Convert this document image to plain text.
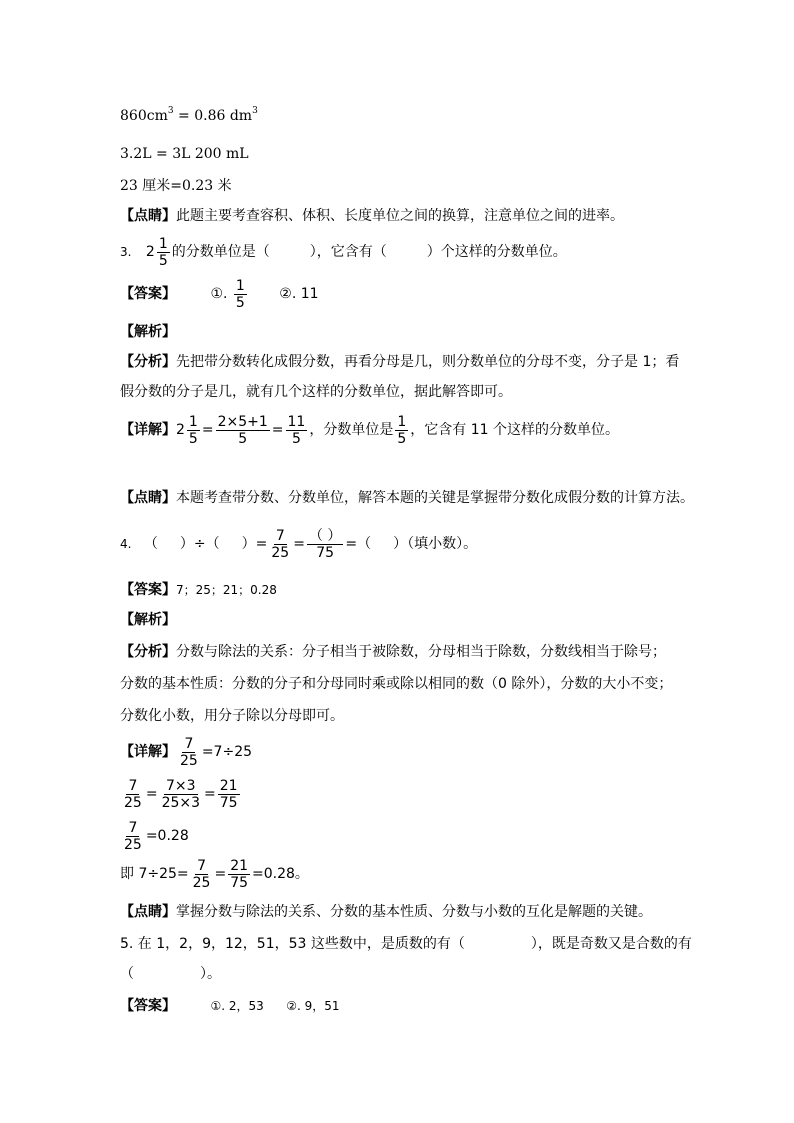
$860cm^3 = 0.86$ $dm^3$
3.2L = 3L 200 mL
23 厘米=0.23 米
【点睛】此题主要考查容积、体积、长度单位之间的换算，注意单位之间的进率。
3. $2 \frac{1}{5}$ 的分数单位是（	），它含有（	）个这样的分数单位。
【答案】 ①. $\frac{1}{5}$ ②. 11
【解析】
【分析】先把带分数转化成假分数，再看分母是几，则分数单位的分母不变，分子是 1；看
假分数的分子是几，就有几个这样的分数单位，据此解答即可。
【详解】$2 \frac{1}{5} = \frac{2\times 5+1}{5} = \frac{11}{5}$ ，分数单位是 $\frac{1}{5}$ ，它含有 11 个这样的分数单位。
【点睛】本题考查带分数、分数单位，解答本题的关键是掌握带分数化成假分数的计算方法。
4. （ ）÷（ ）= $\frac{7}{25} = \frac{( )}{75}$ =（ ）（填小数）。
【答案】7；25；21；0.28
【解析】
【分析】分数与除法的关系：分子相当于被除数，分母相当于除数，分数线相当于除号；
分数的基本性质：分数的分子和分母同时乘或除以相同的数（0 除外），分数的大小不变；
分数化小数，用分子除以分母即可。
【详解】 $\frac{7}{25} =7\div 25$
$\frac{7}{25} = \frac{7\times 3}{25\times 3} = \frac{21}{75}$
$\frac{7}{25} =0.28$
即 $7\div 25= \frac{7}{25} = \frac{21}{75} =0.28$。
【点睛】掌握分数与除法的关系、分数的基本性质、分数与小数的互化是解题的关键。
5. 在 1，2，9，12，51，53 这些数中，是质数的有（	），既是奇数又是合数的有
（	）。
【答案】	①. 2，53 ②. 9，51
